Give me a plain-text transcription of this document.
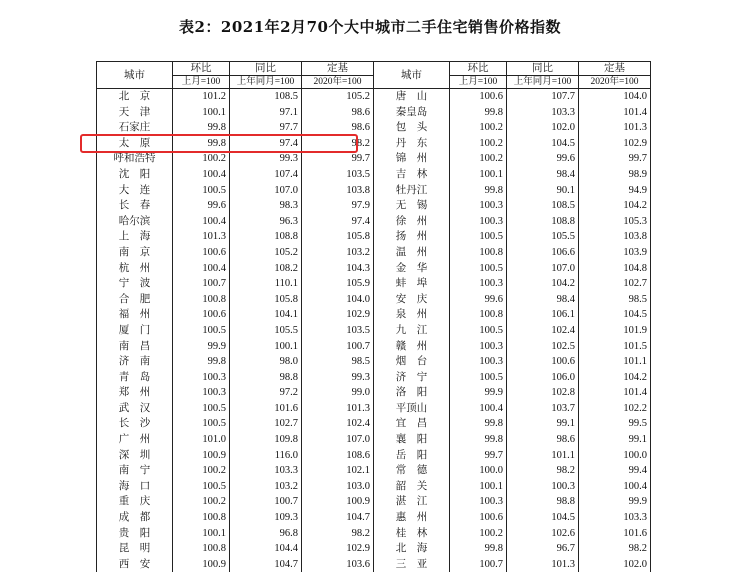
表2：2021年2月70个大中城市二手住宅销售价格指数
城市	环比	同比	定基	城市	环比	同比	定基
	上月=100	上年同月=100	2020年=100		上月=100	上年同月=100	2020年=100
北　京	101.2	108.5	105.2	唐　山	100.6	107.7	104.0
天　津	100.1	97.1	98.6	秦皇岛	99.8	103.3	101.4
石家庄	99.8	97.7	98.6	包　头	100.2	102.0	101.3
太　原	99.8	97.4	98.2	丹　东	100.2	104.5	102.9
呼和浩特	100.2	99.3	99.7	锦　州	100.2	99.6	99.7
沈　阳	100.4	107.4	103.5	吉　林	100.1	98.4	98.9
大　连	100.5	107.0	103.8	牡丹江	99.8	90.1	94.9
长　春	99.6	98.3	97.9	无　锡	100.3	108.5	104.2
哈尔滨	100.4	96.3	97.4	徐　州	100.3	108.8	105.3
上　海	101.3	108.8	105.8	扬　州	100.5	105.5	103.8
南　京	100.6	105.2	103.2	温　州	100.8	106.6	103.9
杭　州	100.4	108.2	104.3	金　华	100.5	107.0	104.8
宁　波	100.7	110.1	105.9	蚌　埠	100.3	104.2	102.7
合　肥	100.8	105.8	104.0	安　庆	99.6	98.4	98.5
福　州	100.6	104.1	102.9	泉　州	100.8	106.1	104.5
厦　门	100.5	105.5	103.5	九　江	100.5	102.4	101.9
南　昌	99.9	100.1	100.7	赣　州	100.3	102.5	101.5
济　南	99.8	98.0	98.5	烟　台	100.3	100.6	101.1
青　岛	100.3	98.8	99.3	济　宁	100.5	106.0	104.2
郑　州	100.3	97.2	99.0	洛　阳	99.9	102.8	101.4
武　汉	100.5	101.6	101.3	平顶山	100.4	103.7	102.2
长　沙	100.5	102.7	102.4	宜　昌	99.8	99.1	99.5
广　州	101.0	109.8	107.0	襄　阳	99.8	98.6	99.1
深　圳	100.9	116.0	108.6	岳　阳	99.7	101.1	100.0
南　宁	100.2	103.3	102.1	常　德	100.0	98.2	99.4
海　口	100.5	103.2	103.0	韶　关	100.1	100.3	100.4
重　庆	100.2	100.7	100.9	湛　江	100.3	98.8	99.9
成　都	100.8	109.3	104.7	惠　州	100.6	104.5	103.3
贵　阳	100.1	96.8	98.2	桂　林	100.2	102.6	101.6
昆　明	100.8	104.4	102.9	北　海	99.8	96.7	98.2
西　安	100.9	104.7	103.6	三　亚	100.7	101.3	102.0
